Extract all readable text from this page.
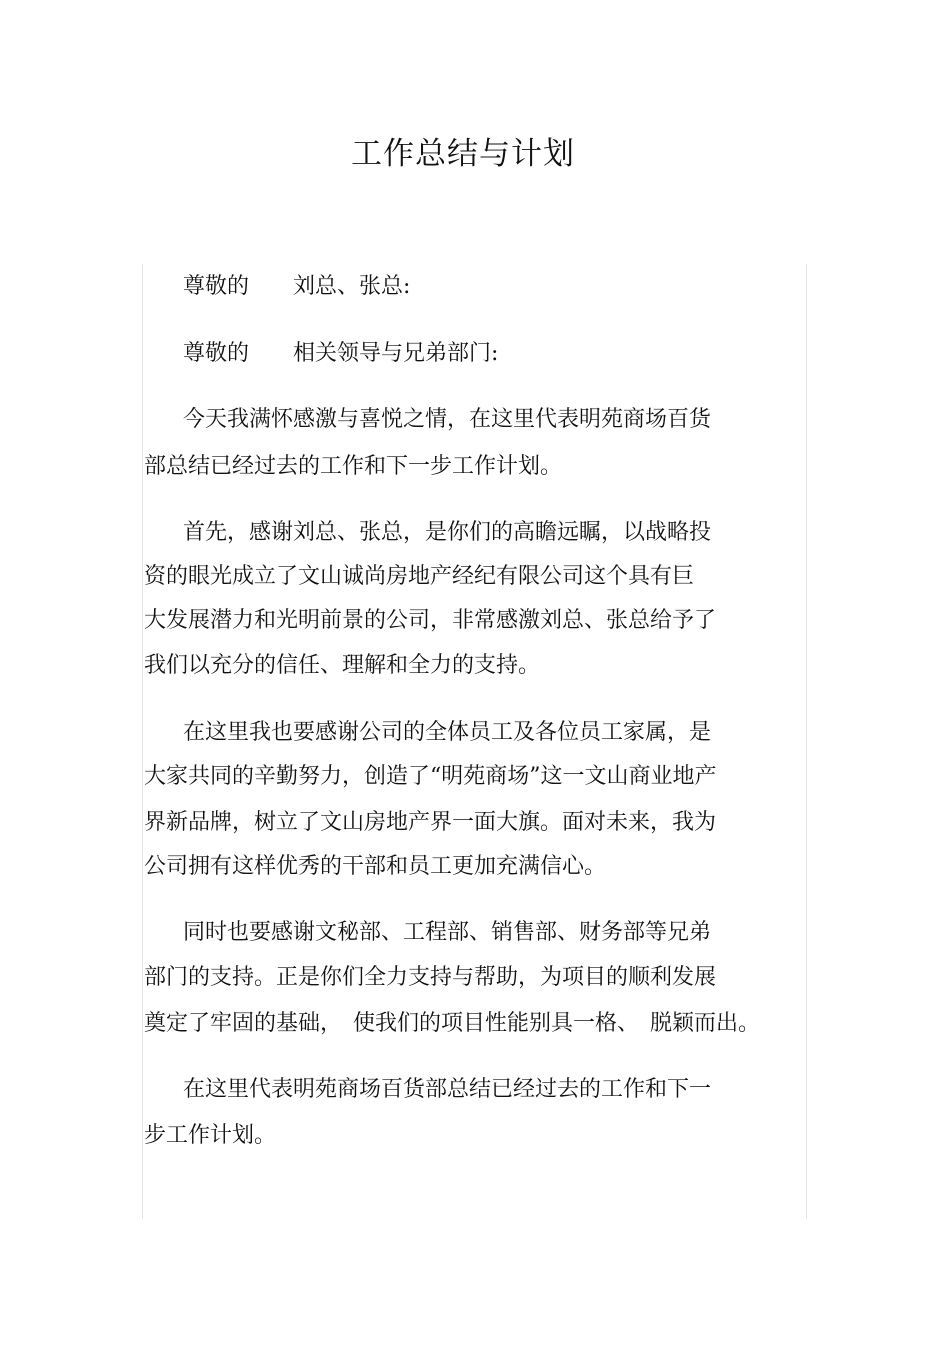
工作总结与计划
尊敬的　　刘总、张总:
尊敬的　　相关领导与兄弟部门:
今天我满怀感激与喜悦之情，在这里代表明苑商场百货
部总结已经过去的工作和下一步工作计划。
首先，感谢刘总、张总，是你们的高瞻远瞩，以战略投
资的眼光成立了文山诚尚房地产经纪有限公司这个具有巨
大发展潜力和光明前景的公司，非常感激刘总、张总给予了
我们以充分的信任、理解和全力的支持。
在这里我也要感谢公司的全体员工及各位员工家属，是
大家共同的辛勤努力，创造了“明苑商场”这一文山商业地产
界新品牌，树立了文山房地产界一面大旗。面对未来，我为
公司拥有这样优秀的干部和员工更加充满信心。
同时也要感谢文秘部、工程部、销售部、财务部等兄弟
部门的支持。正是你们全力支持与帮助，为项目的顺利发展
奠定了牢固的基础，　使我们的项目性能别具一格、　脱颖而出。
在这里代表明苑商场百货部总结已经过去的工作和下一
步工作计划。
